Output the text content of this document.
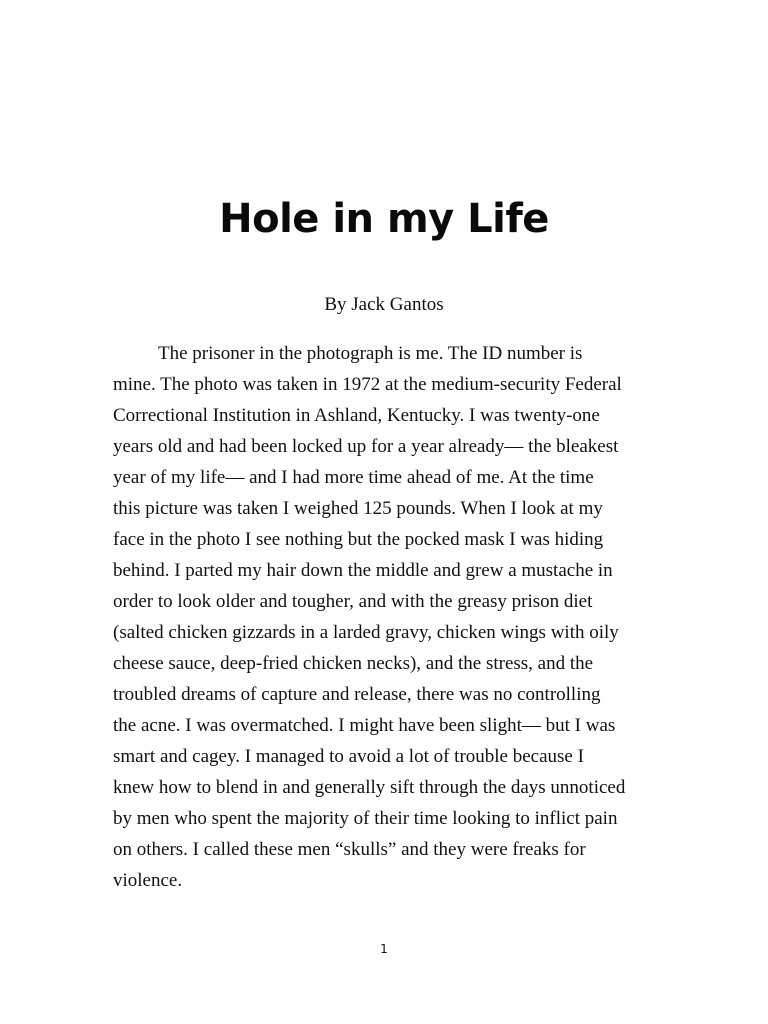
Hole in my Life

By Jack Gantos

The prisoner in the photograph is me. The ID number is
mine. The photo was taken in 1972 at the medium-security Federal
Correctional Institution in Ashland, Kentucky. I was twenty-one
years old and had been locked up for a year already— the bleakest
year of my life— and I had more time ahead of me. At the time
this picture was taken I weighed 125 pounds. When I look at my
face in the photo I see nothing but the pocked mask I was hiding
behind. I parted my hair down the middle and grew a mustache in
order to look older and tougher, and with the greasy prison diet
(salted chicken gizzards in a larded gravy, chicken wings with oily
cheese sauce, deep-fried chicken necks), and the stress, and the
troubled dreams of capture and release, there was no controlling
the acne. I was overmatched. I might have been slight— but I was
smart and cagey. I managed to avoid a lot of trouble because I
knew how to blend in and generally sift through the days unnoticed
by men who spent the majority of their time looking to inflict pain
on others. I called these men “skulls” and they were freaks for
violence.

1
